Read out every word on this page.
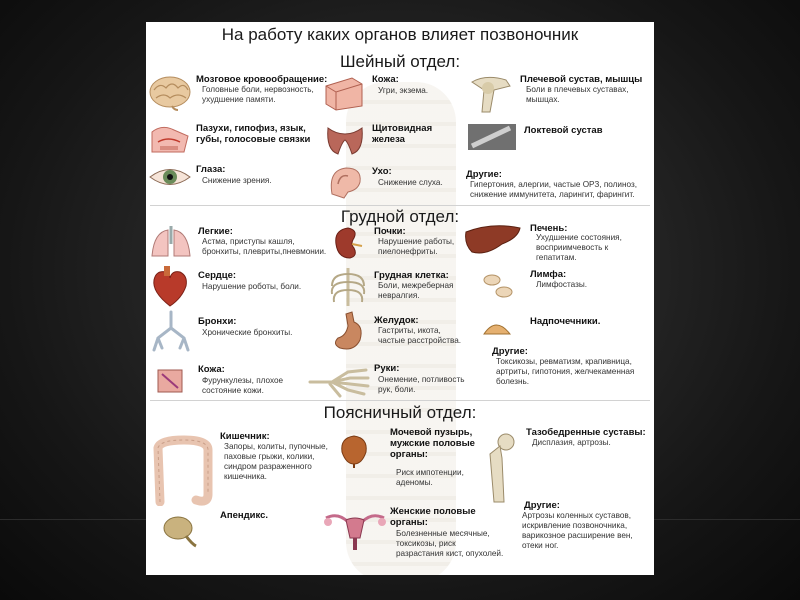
На работу каких органов влияет позвоночник
Шейный отдел:
Мозговое кровообращение:
Головные боли, нервозность,
ухудшение памяти.
Пазухи, гипофиз, язык,
губы, голосовые связки
Глаза:
Снижение зрения.
Кожа:
Угри, экзема.
Щитовидная
железа
Ухо:
Снижение слуха.
Плечевой сустав, мышцы
Боли в плечевых суставах,
мышцах.
Локтевой сустав
Другие:
Гипертония, алергии, частые ОРЗ, полиноз,
снижение иммунитета, ларингит, фарингит.
Грудной отдел:
Легкие:
Астма, приступы кашля,
бронхиты, плевриты,пневмонии.
Сердце:
Нарушение роботы, боли.
Бронхи:
Хронические бронхиты.
Кожа:
Фурункулезы, плохое
состояние кожи.
Почки:
Нарушение работы,
пиелонефриты.
Грудная клетка:
Боли, межреберная
невралгия.
Желудок:
Гастриты, икота,
частые расстройства.
Руки:
Онемение, потливость
рук, боли.
Печень:
Ухудшение состояния,
восприимчевость к
гепатитам.
Лимфа:
Лимфостазы.
Надпочечники.
Другие:
Токсикозы, ревматизм, крапивница,
артриты, гипотония, желчекаменная
болезнь.
Поясничный отдел:
Кишечник:
Запоры, колиты, пупочные,
паховые грыжи, колики,
синдром разраженного
кишечника.
Апендикс.
Мочевой пузырь,
мужские половые
органы:
Риск импотенции,
аденомы.
Женские половые
органы:
Болезненные месячные,
токсикозы, риск
разрастания кист, опухолей.
Тазобедренные суставы:
Дисплазия, артрозы.
Другие:
Артрозы коленных суставов,
искривление позвоночника,
варикозное расширение вен,
отеки ног.
